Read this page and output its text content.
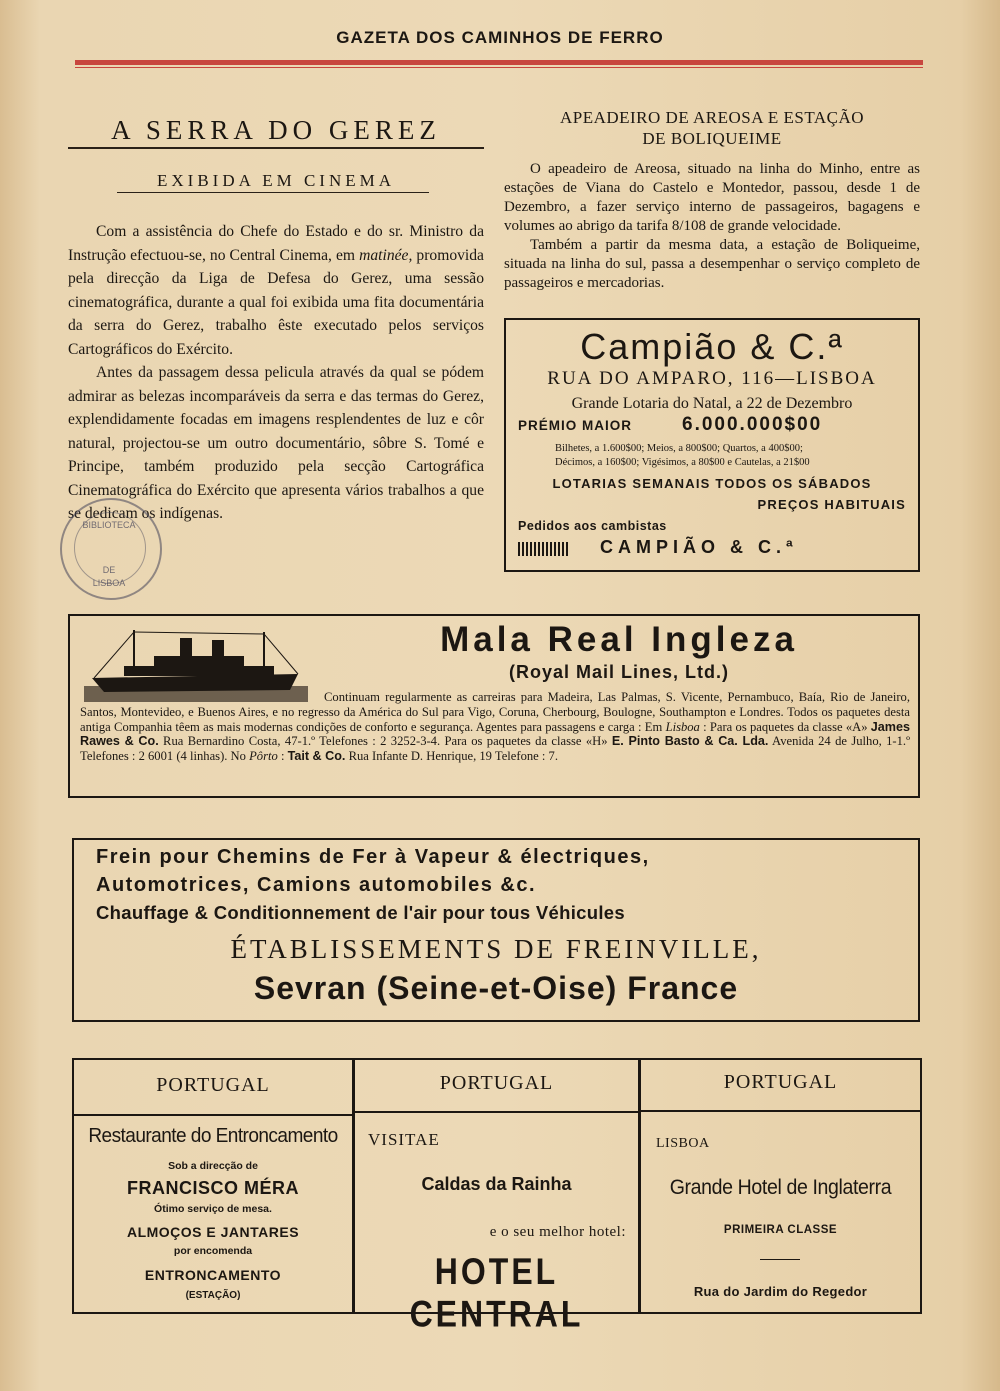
GAZETA DOS CAMINHOS DE FERRO
A SERRA DO GEREZ
EXIBIDA EM CINEMA

Com a assistência do Chefe do Estado e do sr. Ministro da Instrução efectuou-se, no Central Cinema, em matinée, promovida pela direcção da Liga de Defesa do Gerez, uma sessão cinematográfica, durante a qual foi exibida uma fita documentária da serra do Gerez, trabalho êste executado pelos serviços Cartográficos do Exército.

Antes da passagem dessa pelicula através da qual se pódem admirar as belezas incomparáveis da serra e das termas do Gerez, explendidamente focadas em imagens resplendentes de luz e côr natural, projectou-se um outro documentário, sôbre S. Tomé e Principe, também produzido pela secção Cartográfica Cinematográfica do Exército que apresenta vários trabalhos a que se dedicam os indígenas.

BIBLIOTECA
DE
LISBOA
APEADEIRO DE AREOSA E ESTAÇÃO
DE BOLIQUEIME

O apeadeiro de Areosa, situado na linha do Minho, entre as estações de Viana do Castelo e Montedor, passou, desde 1 de Dezembro, a fazer serviço interno de passageiros, bagagens e volumes ao abrigo da tarifa 8/108 de grande velocidade.

Também a partir da mesma data, a estação de Boliqueime, situada na linha do sul, passa a desempenhar o serviço completo de passageiros e mercadorias.

Campião & C.ª
RUA DO AMPARO, 116—LISBOA
Grande Lotaria do Natal, a 22 de Dezembro
PRÉMIO MAIOR	6.000.000$00
Bilhetes, a 1.600$00; Meios, a 800$00; Quartos, a 400$00;
Décimos, a 160$00; Vigésimos, a 80$00 e Cautelas, a 21$00
LOTARIAS SEMANAIS TODOS OS SÁBADOS
PREÇOS HABITUAIS
Pedidos aos cambistas
CAMPIÃO & C.ª
Mala Real Ingleza
(Royal Mail Lines, Ltd.)
Continuam regularmente as carreiras para Madeira, Las Palmas, S. Vicente, Pernambuco, Baía, Rio de Janeiro, Santos, Montevideo, e Buenos Aires, e no regresso da América do Sul para Vigo, Coruna, Cherbourg, Boulogne, Southampton e Londres. Todos os paquetes desta antiga Companhia têem as mais modernas condições de conforto e segurança. Agentes para passagens e carga : Em Lisboa : Para os paquetes da classe «A» James Rawes & Co. Rua Bernardino Costa, 47-1.º Telefones : 2 3252-3-4. Para os paquetes da classe «H» E. Pinto Basto & Ca. Lda. Avenida 24 de Julho, 1-1.º Telefones : 2 6001 (4 linhas). No Pôrto : Tait & Co. Rua Infante D. Henrique, 19 Telefone : 7.
Frein pour Chemins de Fer à Vapeur & électriques,
Automotrices, Camions automobiles &c.
Chauffage & Conditionnement de l'air pour tous Véhicules
ÉTABLISSEMENTS DE FREINVILLE,
Sevran (Seine-et-Oise) France
PORTUGAL
Restaurante do Entroncamento
Sob a direcção de
FRANCISCO MÉRA
Ótimo serviço de mesa.
ALMOÇOS E JANTARES
por encomenda
ENTRONCAMENTO
(ESTAÇÃO)
PORTUGAL
VISITAE
Caldas da Rainha
e o seu melhor hotel:
HOTEL CENTRAL
PORTUGAL
LISBOA
Grande Hotel de Inglaterra
PRIMEIRA CLASSE
Rua do Jardim do Regedor
